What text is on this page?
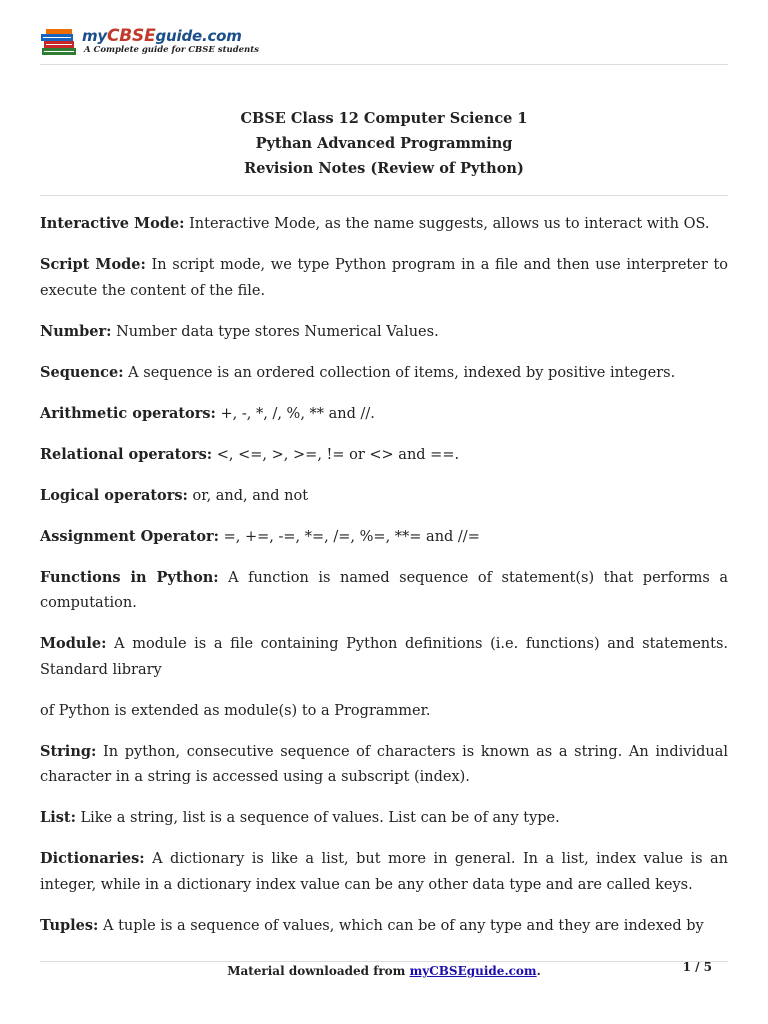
myCBSEguide.com
A Complete guide for CBSE students
CBSE Class 12 Computer Science 1
Pythan Advanced Programming
Revision Notes (Review of Python)

Interactive Mode: Interactive Mode, as the name suggests, allows us to interact with OS.

Script Mode: In script mode, we type Python program in a file and then use interpreter to execute the content of the file.

Number: Number data type stores Numerical Values.

Sequence: A sequence is an ordered collection of items, indexed by positive integers.

Arithmetic operators: +, -, *, /, %, ** and //.

Relational operators: <, <=, >, >=, != or <> and ==.

Logical operators: or, and, and not

Assignment Operator: =, +=, -=, *=, /=, %=, **= and //=

Functions in Python: A function is named sequence of statement(s) that performs a computation.

Module: A module is a file containing Python definitions (i.e. functions) and statements. Standard library

of Python is extended as module(s) to a Programmer.

String: In python, consecutive sequence of characters is known as a string. An individual character in a string is accessed using a subscript (index).

List: Like a string, list is a sequence of values. List can be of any type.

Dictionaries: A dictionary is like a list, but more in general. In a list, index value is an integer, while in a dictionary index value can be any other data type and are called keys.

Tuples: A tuple is a sequence of values, which can be of any type and they are indexed by

Material downloaded from myCBSEguide.com.	1 / 5
